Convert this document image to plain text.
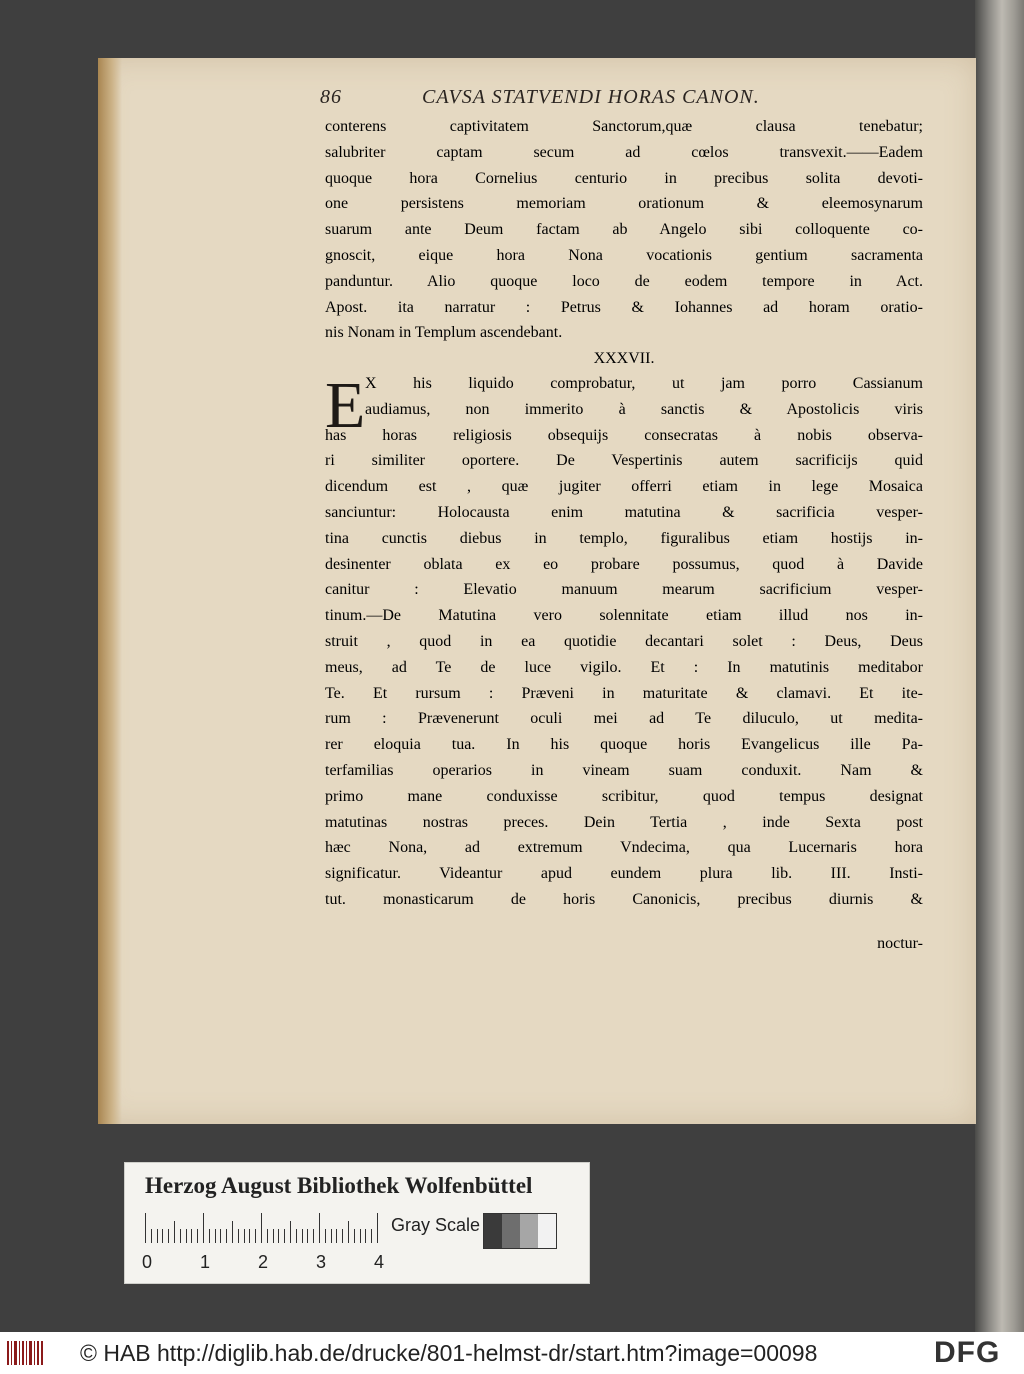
86	CAVSA STATVENDI HORAS CANON.
conterens captivitatem Sanctorum,quæ clausa tenebatur;
salubriter captam secum ad cœlos transvexit.——Eadem
quoque hora Cornelius centurio in precibus solita devoti-
one persistens memoriam orationum & eleemosynarum
suarum ante Deum factam ab Angelo sibi colloquente co-
gnoscit, eique hora Nona vocationis gentium sacramenta
panduntur. Alio quoque loco de eodem tempore in Act.
Apost. ita narratur : Petrus & Iohannes ad horam oratio-
nis Nonam in Templum ascendebant.
XXXVII.
E X his liquido comprobatur, ut jam porro Cassianum
audiamus, non immerito à sanctis & Apostolicis viris
has horas religiosis obsequijs consecratas à nobis observa-
ri similiter oportere. De Vespertinis autem sacrificijs quid
dicendum est , quæ jugiter offerri etiam in lege Mosaica
sanciuntur: Holocausta enim matutina & sacrificia vesper-
tina cunctis diebus in templo, figuralibus etiam hostijs in-
desinenter oblata ex eo probare possumus, quod à Davide
canitur : Elevatio manuum mearum sacrificium vesper-
tinum.—De Matutina vero solennitate etiam illud nos in-
struit , quod in ea quotidie decantari solet : Deus, Deus
meus, ad Te de luce vigilo. Et : In matutinis meditabor
Te. Et rursum : Præveni in maturitate & clamavi. Et ite-
rum : Prævenerunt oculi mei ad Te diluculo, ut medita-
rer eloquia tua. In his quoque horis Evangelicus ille Pa-
terfamilias operarios in vineam suam conduxit. Nam &
primo mane conduxisse scribitur, quod tempus designat
matutinas nostras preces. Dein Tertia , inde Sexta post
hæc Nona, ad extremum Vndecima, qua Lucernaris hora
significatur. Videantur apud eundem plura lib. III. Insti-
tut. monasticarum de horis Canonicis, precibus diurnis &
noctur-
Herzog August Bibliothek Wolfenbüttel
Gray Scale
0	1	2	3	4
© HAB http://diglib.hab.de/drucke/801-helmst-dr/start.htm?image=00098	DFG
